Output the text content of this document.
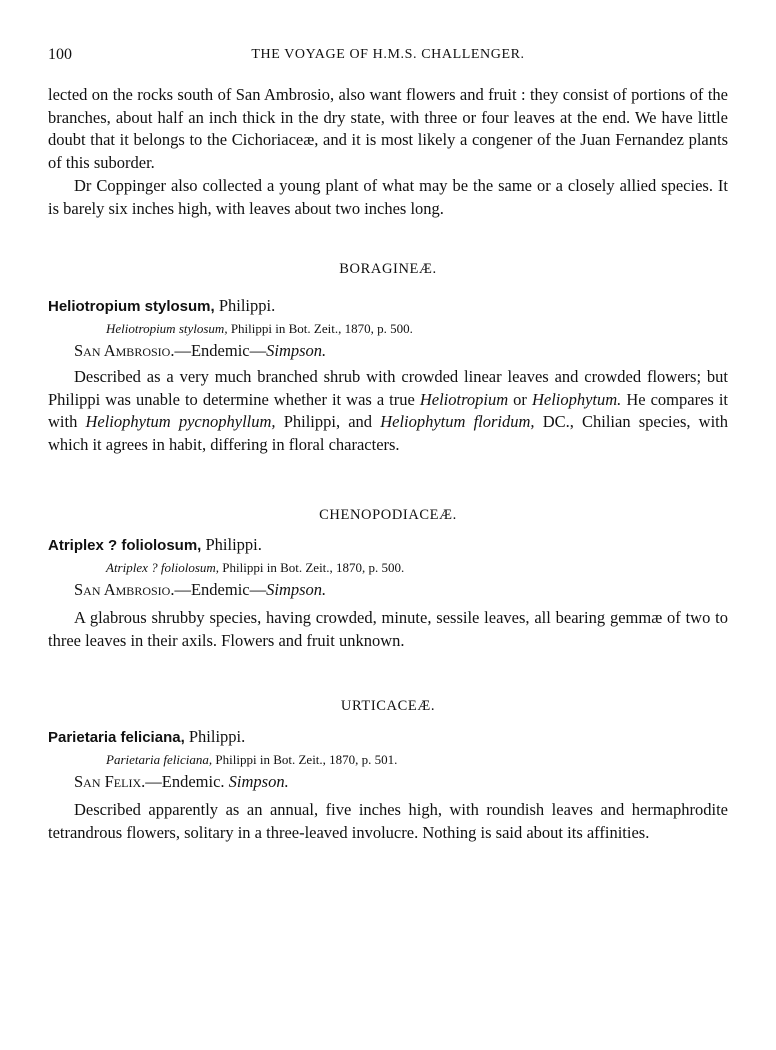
100	THE VOYAGE OF H.M.S. CHALLENGER.

lected on the rocks south of San Ambrosio, also want flowers and fruit : they consist of portions of the branches, about half an inch thick in the dry state, with three or four leaves at the end. We have little doubt that it belongs to the Cichoriaceæ, and it is most likely a congener of the Juan Fernandez plants of this suborder.

Dr Coppinger also collected a young plant of what may be the same or a closely allied species. It is barely six inches high, with leaves about two inches long.

BORAGINEÆ.

Heliotropium stylosum, Philippi.

Heliotropium stylosum, Philippi in Bot. Zeit., 1870, p. 500.

San Ambrosio.—Endemic—Simpson.

Described as a very much branched shrub with crowded linear leaves and crowded flowers; but Philippi was unable to determine whether it was a true Heliotropium or Heliophytum. He compares it with Heliophytum pycnophyllum, Philippi, and Heliophytum floridum, DC., Chilian species, with which it agrees in habit, differing in floral characters.

CHENOPODIACEÆ.

Atriplex ? foliolosum, Philippi.

Atriplex ? foliolosum, Philippi in Bot. Zeit., 1870, p. 500.

San Ambrosio.—Endemic—Simpson.

A glabrous shrubby species, having crowded, minute, sessile leaves, all bearing gemmæ of two to three leaves in their axils. Flowers and fruit unknown.

URTICACEÆ.

Parietaria feliciana, Philippi.

Parietaria feliciana, Philippi in Bot. Zeit., 1870, p. 501.

San Felix.—Endemic. Simpson.

Described apparently as an annual, five inches high, with roundish leaves and hermaphrodite tetrandrous flowers, solitary in a three-leaved involucre. Nothing is said about its affinities.
